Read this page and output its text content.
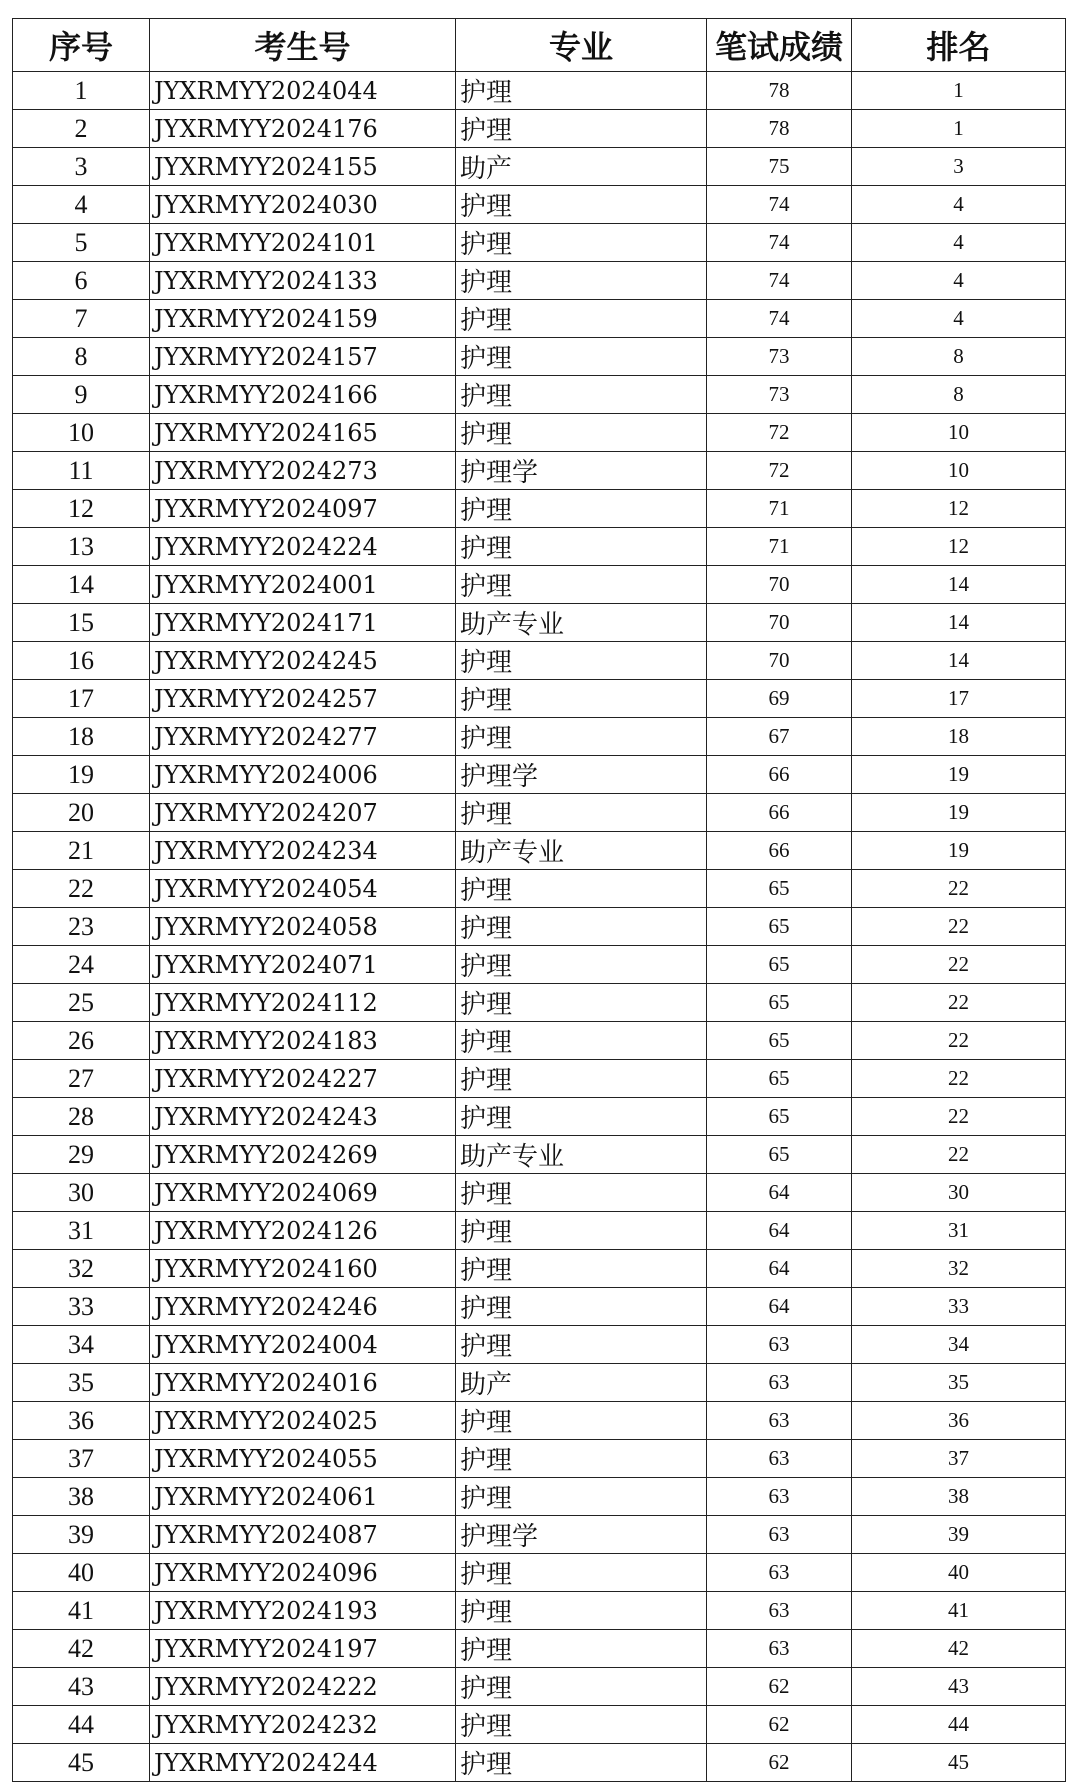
序号	考生号	专业	笔试成绩	排名
1	JYXRMYY2024044	护理	78	1
2	JYXRMYY2024176	护理	78	1
3	JYXRMYY2024155	助产	75	3
4	JYXRMYY2024030	护理	74	4
5	JYXRMYY2024101	护理	74	4
6	JYXRMYY2024133	护理	74	4
7	JYXRMYY2024159	护理	74	4
8	JYXRMYY2024157	护理	73	8
9	JYXRMYY2024166	护理	73	8
10	JYXRMYY2024165	护理	72	10
11	JYXRMYY2024273	护理学	72	10
12	JYXRMYY2024097	护理	71	12
13	JYXRMYY2024224	护理	71	12
14	JYXRMYY2024001	护理	70	14
15	JYXRMYY2024171	助产专业	70	14
16	JYXRMYY2024245	护理	70	14
17	JYXRMYY2024257	护理	69	17
18	JYXRMYY2024277	护理	67	18
19	JYXRMYY2024006	护理学	66	19
20	JYXRMYY2024207	护理	66	19
21	JYXRMYY2024234	助产专业	66	19
22	JYXRMYY2024054	护理	65	22
23	JYXRMYY2024058	护理	65	22
24	JYXRMYY2024071	护理	65	22
25	JYXRMYY2024112	护理	65	22
26	JYXRMYY2024183	护理	65	22
27	JYXRMYY2024227	护理	65	22
28	JYXRMYY2024243	护理	65	22
29	JYXRMYY2024269	助产专业	65	22
30	JYXRMYY2024069	护理	64	30
31	JYXRMYY2024126	护理	64	31
32	JYXRMYY2024160	护理	64	32
33	JYXRMYY2024246	护理	64	33
34	JYXRMYY2024004	护理	63	34
35	JYXRMYY2024016	助产	63	35
36	JYXRMYY2024025	护理	63	36
37	JYXRMYY2024055	护理	63	37
38	JYXRMYY2024061	护理	63	38
39	JYXRMYY2024087	护理学	63	39
40	JYXRMYY2024096	护理	63	40
41	JYXRMYY2024193	护理	63	41
42	JYXRMYY2024197	护理	63	42
43	JYXRMYY2024222	护理	62	43
44	JYXRMYY2024232	护理	62	44
45	JYXRMYY2024244	护理	62	45
